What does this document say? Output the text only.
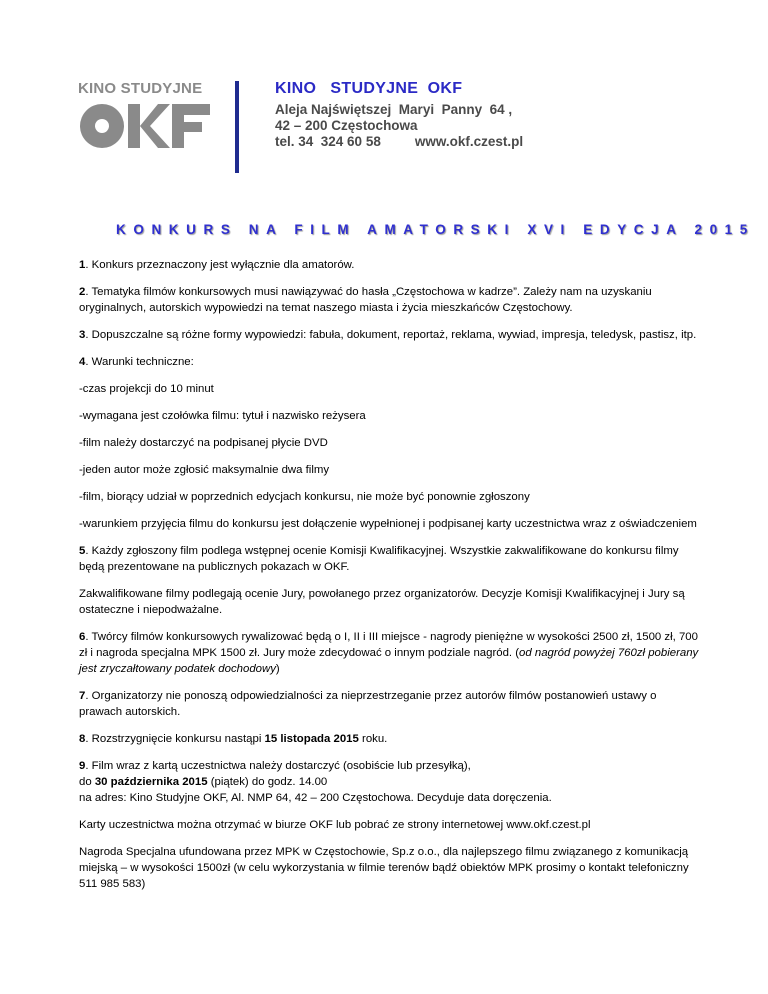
KINO STUDYJNE
OKF
KINO   STUDYJNE  OKF
Aleja Najświętszej  Maryi  Panny  64 ,
42 – 200 Częstochowa
tel. 34  324 60 58	www.okf.czest.pl
KONKURS NA FILM AMATORSKI XVI EDYCJA 2015

1. Konkurs przeznaczony jest wyłącznie dla amatorów.

2. Tematyka filmów konkursowych musi nawiązywać do hasła „Częstochowa w kadrze”. Zależy nam na uzyskaniu oryginalnych, autorskich wypowiedzi na temat naszego miasta i życia mieszkańców Częstochowy.

3. Dopuszczalne są różne formy wypowiedzi: fabuła, dokument, reportaż, reklama, wywiad, impresja, teledysk, pastisz, itp.

4. Warunki techniczne:

-czas projekcji do 10 minut

-wymagana jest czołówka filmu: tytuł i nazwisko reżysera

-film należy dostarczyć na podpisanej płycie DVD

-jeden autor może zgłosić maksymalnie dwa filmy

-film, biorący udział w poprzednich edycjach konkursu, nie może być ponownie zgłoszony

-warunkiem przyjęcia filmu do konkursu jest dołączenie wypełnionej i podpisanej karty uczestnictwa wraz z oświadczeniem

5. Każdy zgłoszony film podlega wstępnej ocenie Komisji Kwalifikacyjnej. Wszystkie zakwalifikowane do konkursu filmy będą prezentowane na publicznych pokazach w OKF.

Zakwalifikowane filmy podlegają ocenie Jury, powołanego przez organizatorów. Decyzje Komisji Kwalifikacyjnej i Jury są ostateczne i niepodważalne.

6. Twórcy filmów konkursowych rywalizować będą o I, II i III miejsce - nagrody pieniężne w wysokości 2500 zł, 1500 zł, 700 zł i nagroda specjalna MPK 1500 zł. Jury może zdecydować o innym podziale nagród. (od nagród powyżej 760zł pobierany jest zryczałtowany podatek dochodowy)

7. Organizatorzy nie ponoszą odpowiedzialności za nieprzestrzeganie przez autorów filmów postanowień ustawy o prawach autorskich.

8. Rozstrzygnięcie konkursu nastąpi 15 listopada 2015 roku.

9. Film wraz z kartą uczestnictwa należy dostarczyć (osobiście lub przesyłką),
do 30 października 2015 (piątek) do godz. 14.00
na adres: Kino Studyjne OKF, Al. NMP 64, 42 – 200 Częstochowa. Decyduje data doręczenia.

Karty uczestnictwa można otrzymać w biurze OKF lub pobrać ze strony internetowej www.okf.czest.pl

Nagroda Specjalna ufundowana przez MPK w Częstochowie, Sp.z o.o., dla najlepszego filmu związanego z komunikacją miejską – w wysokości 1500zł (w celu wykorzystania w filmie terenów bądź obiektów MPK prosimy o kontakt telefoniczny 511 985 583)
